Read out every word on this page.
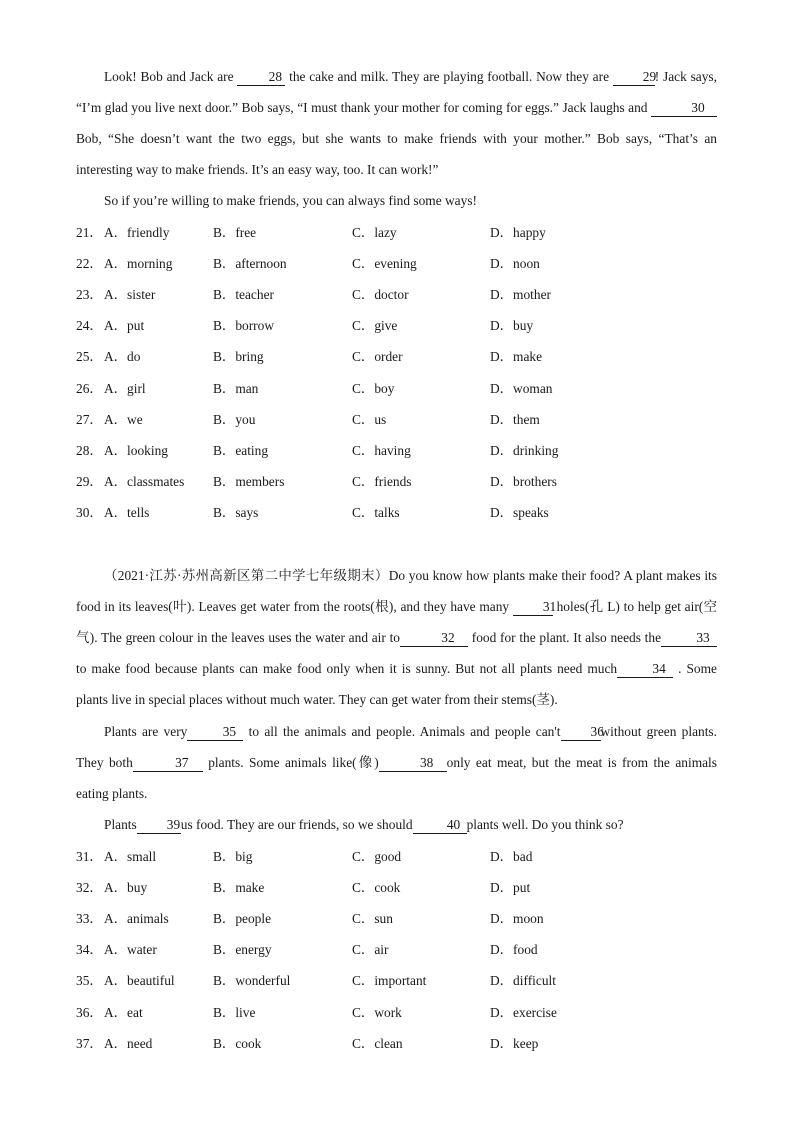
Look! Bob and Jack are	28 the cake and milk. They are playing football. Now they are	29! Jack says, “I’m glad you live next door.” Bob says, “I must thank your mother for coming for eggs.” Jack laughs and	30 Bob, “She doesn’t want the two eggs, but she wants to make friends with your mother.” Bob says, “That’s an interesting way to make friends. It’s an easy way, too. It can work!”

So if you’re willing to make friends, you can always find some ways!

21． A．friendly	B．free	C．lazy	D．happy
22． A．morning	B．afternoon	C．evening	D．noon
23． A．sister	B．teacher	C．doctor	D．mother
24． A．put	B．borrow	C．give	D．buy
25． A．do	B．bring	C．order	D．make
26． A．girl	B．man	C．boy	D．woman
27． A．we	B．you	C．us	D．them
28． A．looking	B．eating	C．having	D．drinking
29． A．classmates B．members	C．friends	D．brothers
30． A．tells	B．says	C．talks	D．speaks

（2021·江苏·苏州高新区第二中学七年级期末）Do you know how plants make their food? A plant makes its food in its leaves(叶). Leaves get water from the roots(根), and they have many	31 holes(孔 L) to help get air(空气). The green colour in the leaves uses the water and air to	32 food for the plant. It also needs the	33 to make food because plants can make food only when it is sunny. But not all plants need much	34 . Some plants live in special places without much water. They can get water from their stems(茎).

Plants are very	35 to all the animals and people. Animals and people can't 36without green plants. They both	37 plants. Some animals like(像)	38 only eat meat, but the meat is from the animals eating plants.

Plants 39us food. They are our friends, so we should	40 plants well. Do you think so?

31． A．small	B．big	C．good	D．bad
32． A．buy	B．make	C．cook	D．put
33． A．animals	B．people	C．sun	D．moon
34． A．water	B．energy	C．air	D．food
35． A．beautiful	B．wonderful	C．important	D．difficult
36． A．eat	B．live	C．work	D．exercise
37． A．need	B．cook	C．clean	D．keep
